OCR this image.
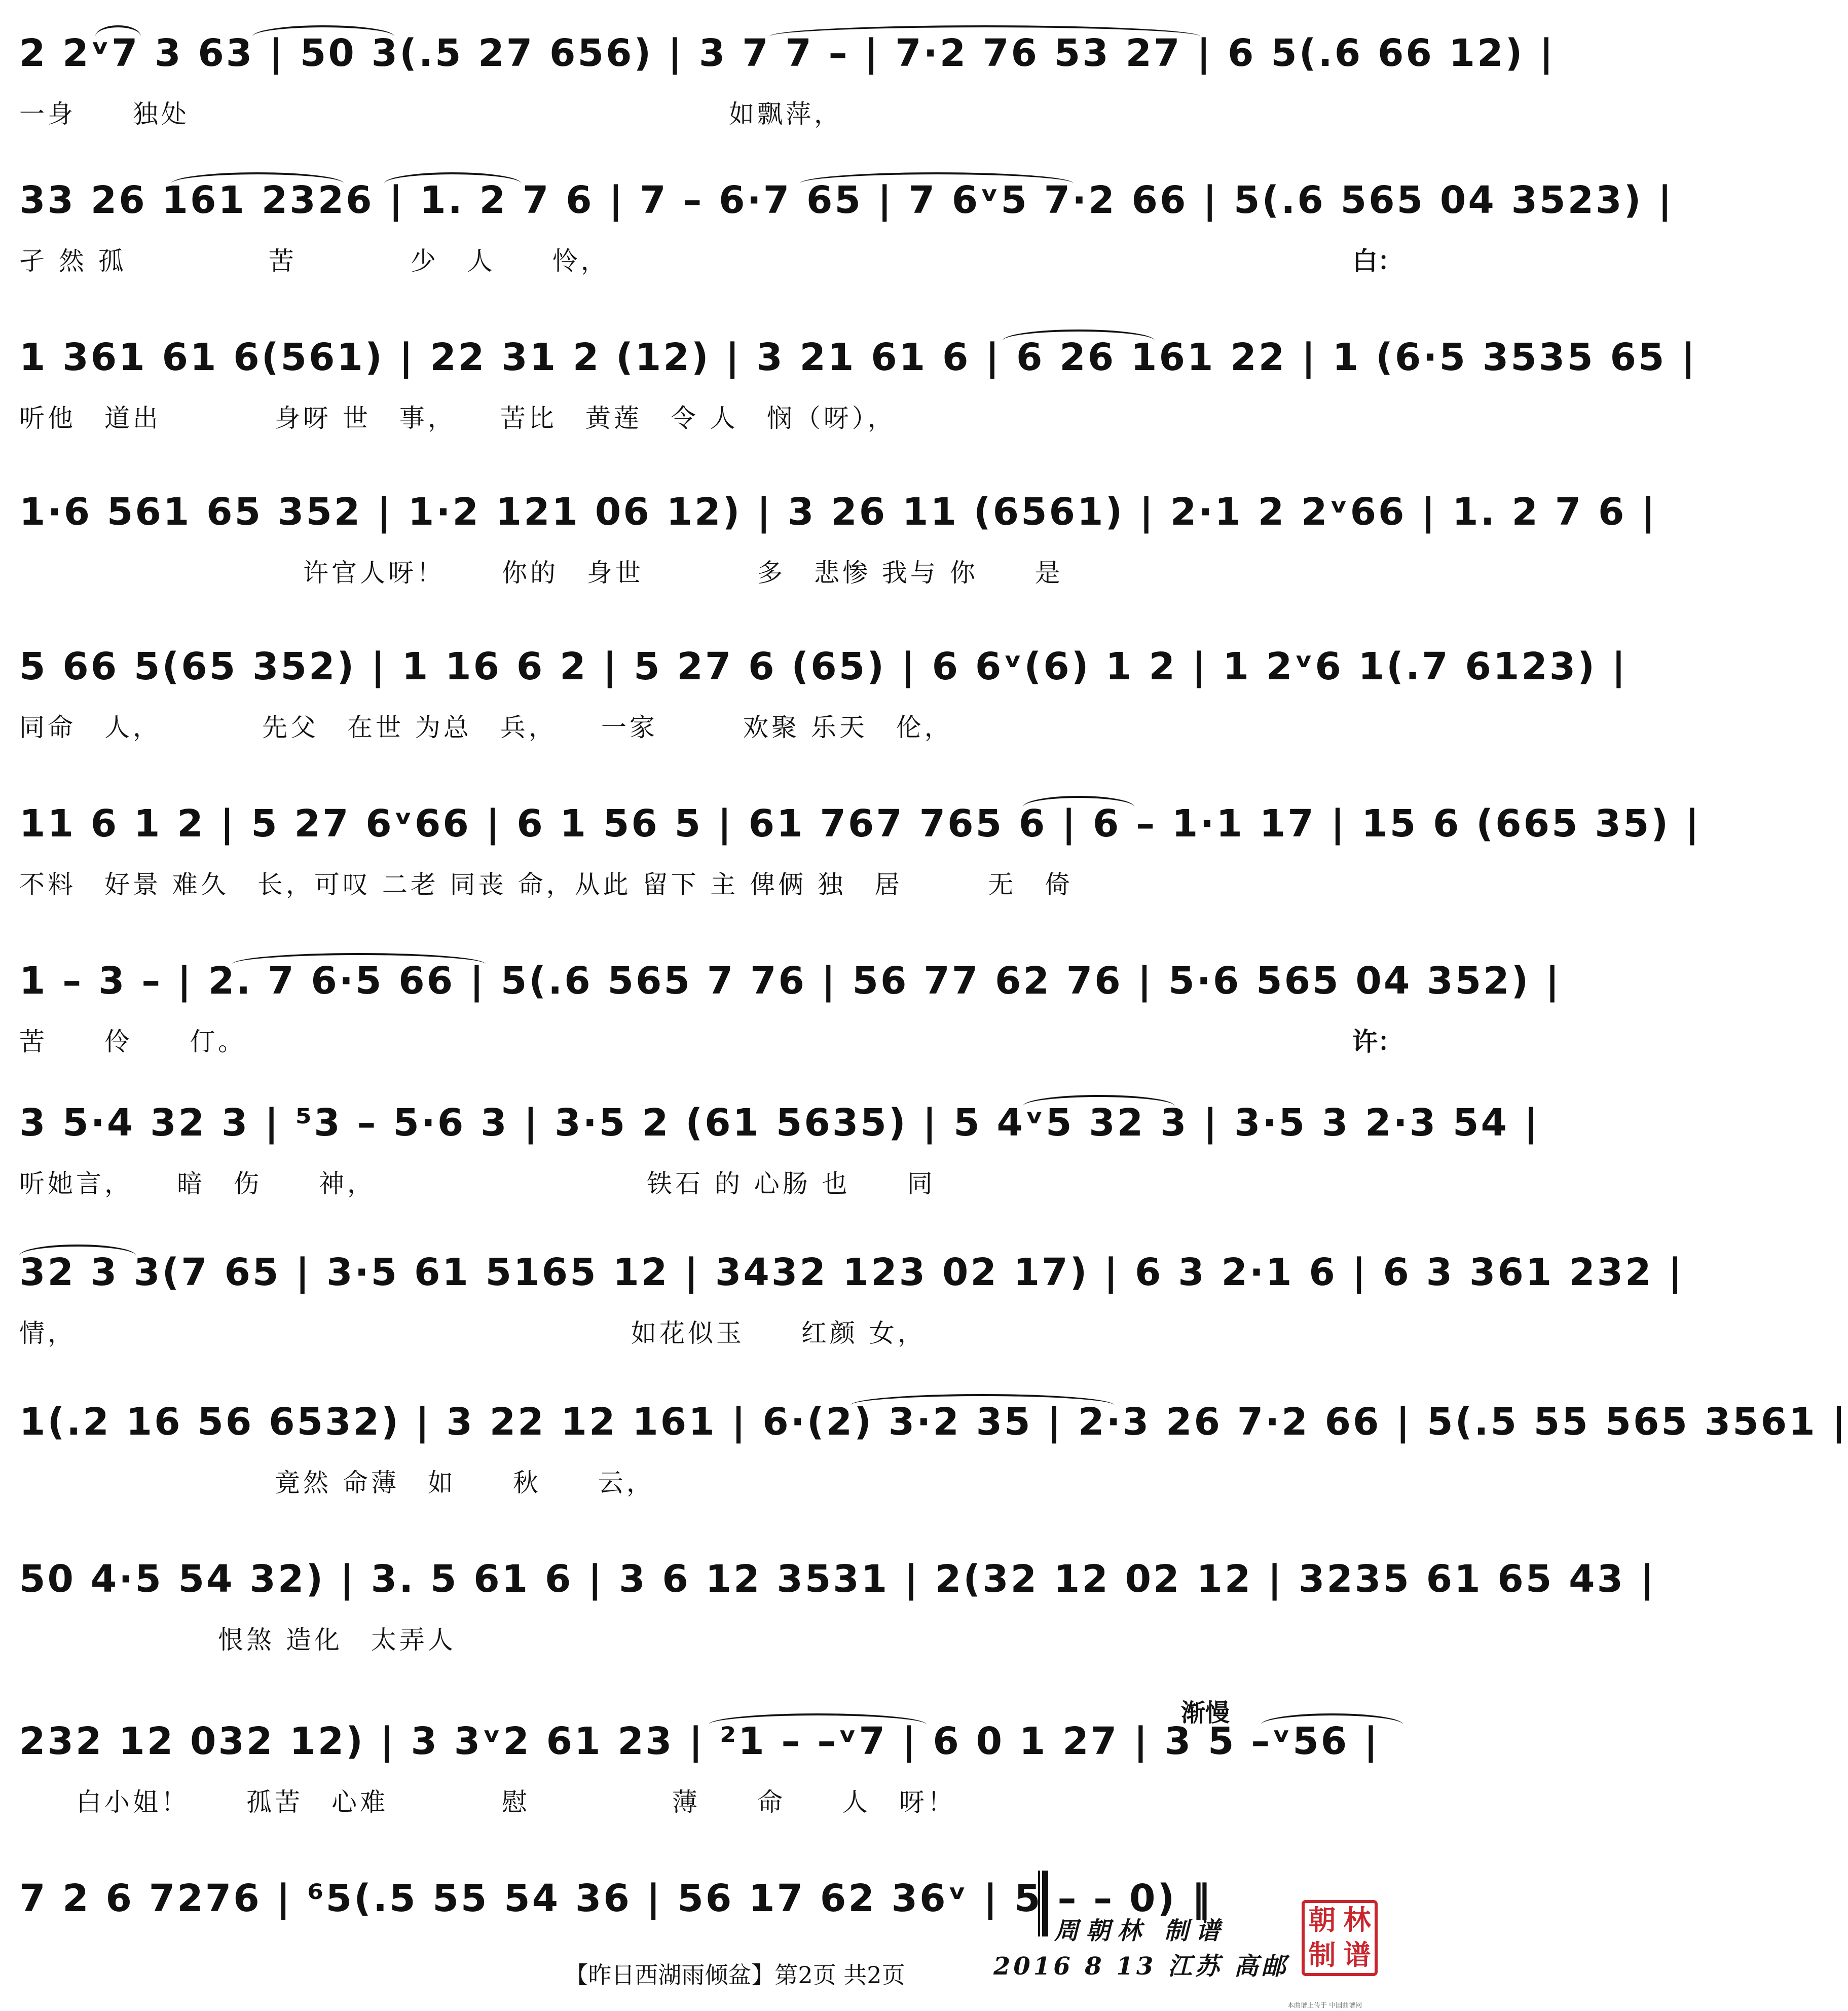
2 2ᵛ7 3 63 | 50 3(.5 27 656) | 3 7 7 – | 7·2 76 53 27 | 6 5(.6 66 12) |
一身　　独处　　　　　　　　　　　　　　　　　　　如飘萍，
33 26 161 2326 | 1. 2 7 6 | 7 – 6·7 65 | 7 6ᵛ5 7·2 66 | 5(.6 565 04 3523) |
孑 然 孤　　　　　苦　　　　少　人　　怜，	白：
1 361 61 6(561) | 22 31 2 (12) | 3 21 61 6 | 6 26 161 22 | 1 (6·5 3535 65 |
听他　道出　　　　身呀 世　事，　　苦比　黄莲　令 人　悯（呀），
1·6 561 65 352 | 1·2 121 06 12) | 3 26 11 (6561) | 2·1 2 2ᵛ66 | 1. 2 7 6 |
　　　　　　　　　　许官人呀！　　你的　身世　　　　多　悲惨 我与 你　　是
5 66 5(65 352) | 1 16 6 2 | 5 27 6 (65) | 6 6ᵛ(6) 1 2 | 1 2ᵛ6 1(.7 6123) |
同命　人，　　　　先父　在世 为总　兵，　　一家　　　欢聚 乐天　伦，
11 6 1 2 | 5 27 6ᵛ66 | 6 1 56 5 | 61 767 765 6 | 6 – 1·1 17 | 15 6 (665 35) |
不料　好景 难久　长，可叹 二老 同丧 命，从此 留下 主 俾俩 独　居　　　无　倚
1 – 3 – | 2. 7 6·5 66 | 5(.6 565 7 76 | 56 77 62 76 | 5·6 565 04 352) |
苦　　伶　　仃。	许：
3 5·4 32 3 | ⁵3 – 5·6 3 | 3·5 2 (61 5635) | 5 4ᵛ5 32 3 | 3·5 3 2·3 54 |
听她言，　　暗　伤　　神，　　　　　　　　　　铁石 的 心肠 也　　同
32 3 3(7 65 | 3·5 61 5165 12 | 3432 123 02 17) | 6 3 2·1 6 | 6 3 361 232 |
情，　　　　　　　　　　　　　　　　　　　　如花似玉　　红颜 女，
1(.2 16 56 6532) | 3 22 12 161 | 6·(2) 3·2 35 | 2·3 26 7·2 66 | 5(.5 55 565 3561 |
　　　　　　　　　竟然 命薄　如　　秋　　云，
50 4·5 54 32) | 3. 5 61 6 | 3 6 12 3531 | 2(32 12 02 12 | 3235 61 65 43 |
　　　　　　　恨煞 造化　太弄人
232 12 032 12) | 3 3ᵛ2 61 23 | ²1 – –ᵛ7 | 6 0 1 27 | 3 5 –ᵛ56 |
　　白小姐！　　孤苦　心难　　　　慰　　　　　薄　　命　　人　呀！
渐慢
7 2 6 7276 | ⁶5(.5 55 54 36 | 56 17 62 36ᵛ | 5 – – 0) ‖
周朝林 制谱
2016 8 13 江苏 高邮
【昨日西湖雨倾盆】第2页 共2页
朝 林
制 谱
本曲谱上传于 中国曲谱网
